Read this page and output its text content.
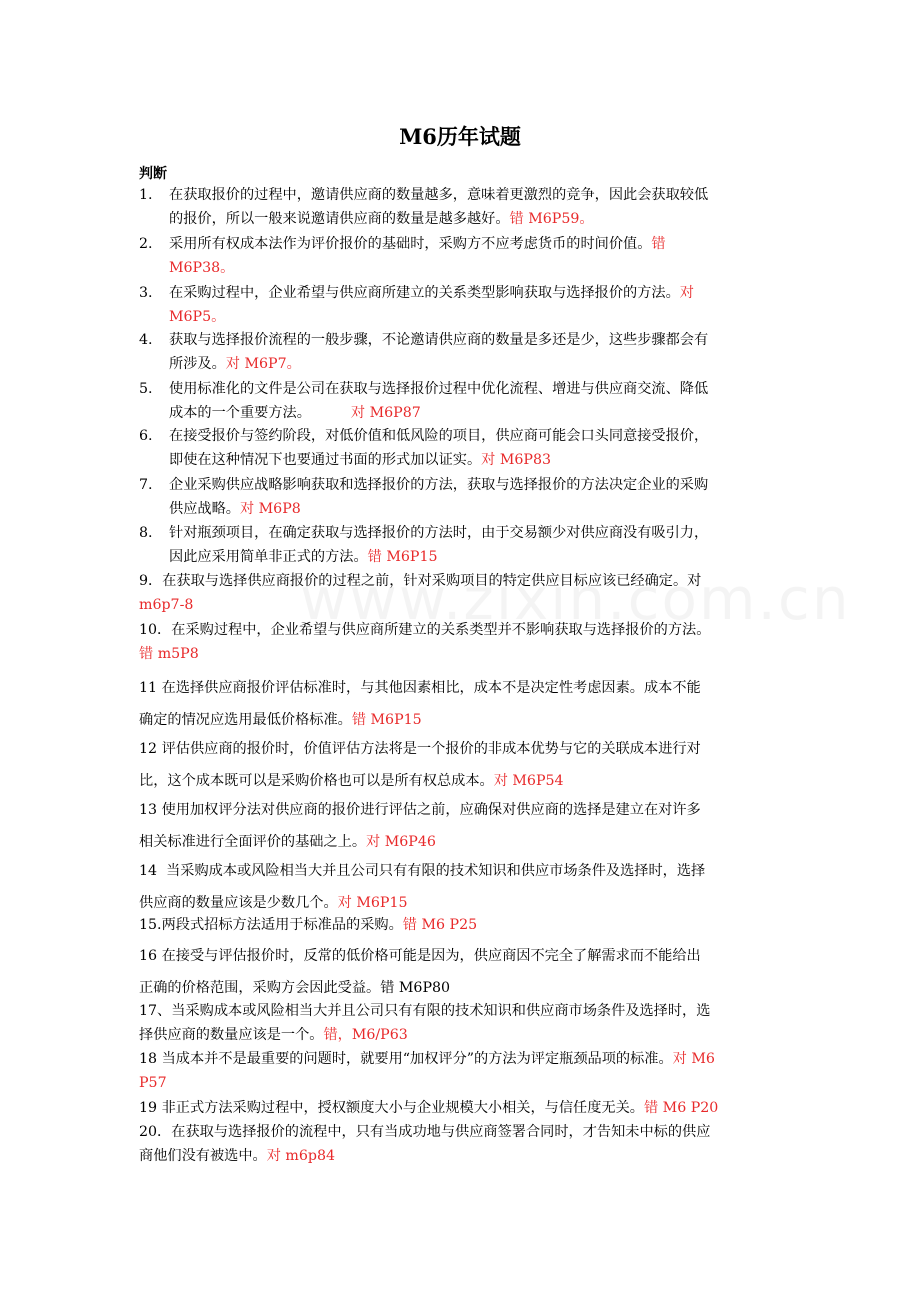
M6历年试题
判断
1.	在获取报价的过程中，邀请供应商的数量越多，意味着更激烈的竞争，因此会获取较低
的报价，所以一般来说邀请供应商的数量是越多越好。错 M6P59。
2.	采用所有权成本法作为评价报价的基础时，采购方不应考虑货币的时间价值。错
M6P38。
3.	在采购过程中，企业希望与供应商所建立的关系类型影响获取与选择报价的方法。对
M6P5。
4.	获取与选择报价流程的一般步骤，不论邀请供应商的数量是多还是少，这些步骤都会有
所涉及。对 M6P7。
5.	使用标准化的文件是公司在获取与选择报价过程中优化流程、增进与供应商交流、降低
成本的一个重要方法。	对 M6P87
6.	在接受报价与签约阶段，对低价值和低风险的项目，供应商可能会口头同意接受报价，
即使在这种情况下也要通过书面的形式加以证实。对 M6P83
7.	企业采购供应战略影响获取和选择报价的方法，获取与选择报价的方法决定企业的采购
供应战略。对 M6P8
8.	针对瓶颈项目，在确定获取与选择报价的方法时，由于交易额少对供应商没有吸引力，
因此应采用简单非正式的方法。错 M6P15
9．在获取与选择供应商报价的过程之前，针对采购项目的特定供应目标应该已经确定。对
m6p7-8
10．在采购过程中，企业希望与供应商所建立的关系类型并不影响获取与选择报价的方法。
错 m5P8
11 在选择供应商报价评估标准时，与其他因素相比，成本不是决定性考虑因素。成本不能
确定的情况应选用最低价格标准。错 M6P15
12 评估供应商的报价时，价值评估方法将是一个报价的非成本优势与它的关联成本进行对
比，这个成本既可以是采购价格也可以是所有权总成本。对 M6P54
13 使用加权评分法对供应商的报价进行评估之前，应确保对供应商的选择是建立在对许多
相关标准进行全面评价的基础之上。对 M6P46
14 当采购成本或风险相当大并且公司只有有限的技术知识和供应市场条件及选择时，选择
供应商的数量应该是少数几个。对 M6P15
15.两段式招标方法适用于标准品的采购。错 M6 P25
16 在接受与评估报价时，反常的低价格可能是因为，供应商因不完全了解需求而不能给出
正确的价格范围，采购方会因此受益。错 M6P80
17、当采购成本或风险相当大并且公司只有有限的技术知识和供应商市场条件及选择时，选
择供应商的数量应该是一个。错，M6/P63
18 当成本并不是最重要的问题时，就要用“加权评分”的方法为评定瓶颈品项的标准。对 M6
P57
19 非正式方法采购过程中，授权额度大小与企业规模大小相关，与信任度无关。错 M6 P20
20．在获取与选择报价的流程中，只有当成功地与供应商签署合同时，才告知未中标的供应
商他们没有被选中。对 m6p84
